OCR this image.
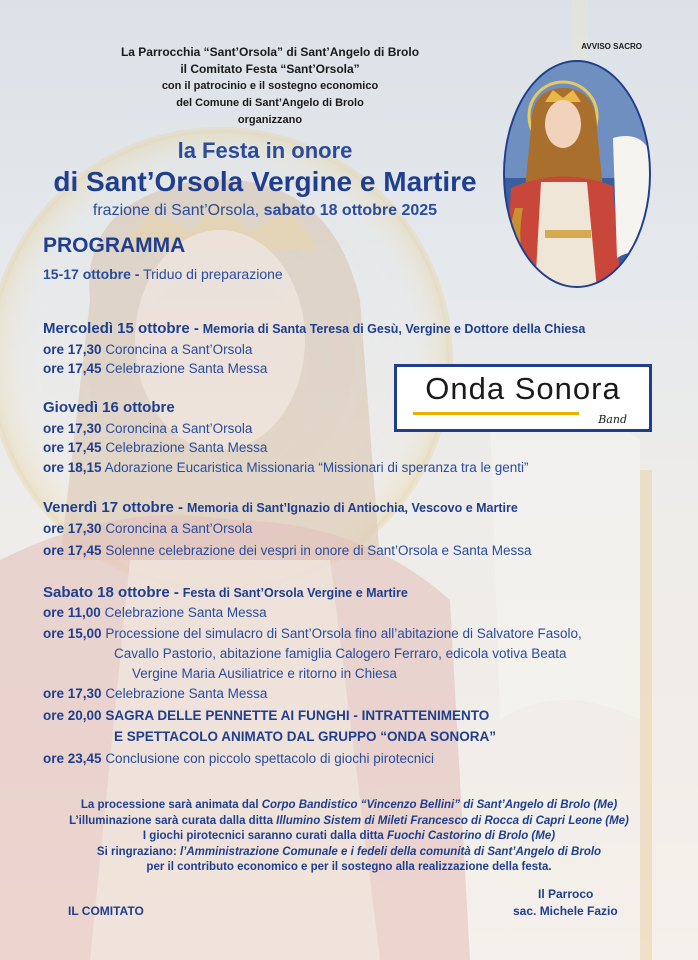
La Parrocchia “Sant’Orsola” di Sant’Angelo di Brolo
il Comitato Festa “Sant’Orsola”
con il patrocinio e il sostegno economico
del Comune di Sant’Angelo di Brolo
organizzano
AVVISO SACRO
la Festa in onore
di Sant’Orsola Vergine e Martire
frazione di Sant’Orsola, sabato 18 ottobre 2025
PROGRAMMA
15-17 ottobre - Triduo di preparazione
Mercoledì 15 ottobre - Memoria di Santa Teresa di Gesù, Vergine e Dottore della Chiesa
ore 17,30 Coroncina a Sant’Orsola
ore 17,45 Celebrazione Santa Messa
Onda Sonora
Band
Giovedì 16 ottobre
ore 17,30 Coroncina a Sant’Orsola
ore 17,45 Celebrazione Santa Messa
ore 18,15 Adorazione Eucaristica Missionaria “Missionari di speranza tra le genti”
Venerdì 17 ottobre - Memoria di Sant’Ignazio di Antiochia, Vescovo e Martire
ore 17,30 Coroncina a Sant’Orsola
ore 17,45 Solenne celebrazione dei vespri in onore di Sant’Orsola e Santa Messa
Sabato 18 ottobre - Festa di Sant’Orsola Vergine e Martire
ore 11,00 Celebrazione Santa Messa
ore 15,00 Processione del simulacro di Sant’Orsola fino all’abitazione di Salvatore Fasolo,
Cavallo Pastorio, abitazione famiglia Calogero Ferraro, edicola votiva Beata
Vergine Maria Ausiliatrice e ritorno in Chiesa
ore 17,30 Celebrazione Santa Messa
ore 20,00 SAGRA DELLE PENNETTE AI FUNGHI - INTRATTENIMENTO
E SPETTACOLO ANIMATO DAL GRUPPO “ONDA SONORA”
ore 23,45 Conclusione con piccolo spettacolo di giochi pirotecnici
La processione sarà animata dal Corpo Bandistico “Vincenzo Bellini” di Sant’Angelo di Brolo (Me)
L’illuminazione sarà curata dalla ditta Illumino Sistem di Mileti Francesco di Rocca di Capri Leone (Me)
I giochi pirotecnici saranno curati dalla ditta Fuochi Castorino di Brolo (Me)
Si ringraziano: l’Amministrazione Comunale e i fedeli della comunità di Sant’Angelo di Brolo
per il contributo economico e per il sostegno alla realizzazione della festa.
IL COMITATO
Il Parroco
sac. Michele Fazio
